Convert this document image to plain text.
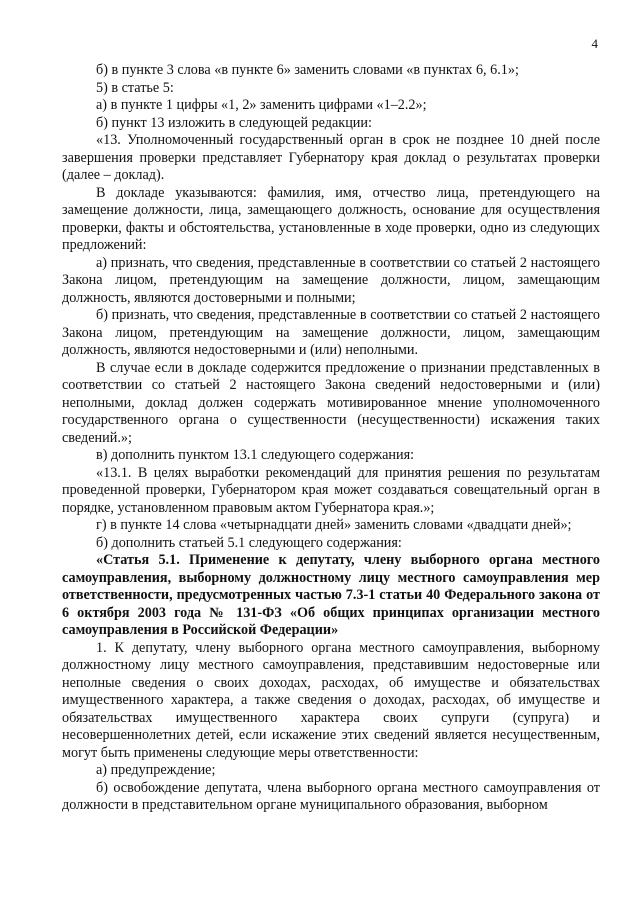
4

б) в пункте 3 слова «в пункте 6» заменить словами «в пунктах 6, 6.1»;

5) в статье 5:

а) в пункте 1 цифры «1, 2» заменить цифрами «1–2.2»;

б) пункт 13 изложить в следующей редакции:

«13. Уполномоченный государственный орган в срок не позднее 10 дней после завершения проверки представляет Губернатору края доклад о результатах проверки (далее – доклад).

В докладе указываются: фамилия, имя, отчество лица, претендующего на замещение должности, лица, замещающего должность, основание для осуществления проверки, факты и обстоятельства, установленные в ходе проверки, одно из следующих предложений:

а) признать, что сведения, представленные в соответствии со статьей 2 настоящего Закона лицом, претендующим на замещение должности, лицом, замещающим должность, являются достоверными и полными;

б) признать, что сведения, представленные в соответствии со статьей 2 настоящего Закона лицом, претендующим на замещение должности, лицом, замещающим должность, являются недостоверными и (или) неполными.

В случае если в докладе содержится предложение о признании представленных в соответствии со статьей 2 настоящего Закона сведений недостоверными и (или) неполными, доклад должен содержать мотивированное мнение уполномоченного государственного органа о существенности (несущественности) искажения таких сведений.»;

в) дополнить пунктом 13.1 следующего содержания:

«13.1. В целях выработки рекомендаций для принятия решения по результатам проведенной проверки, Губернатором края может создаваться совещательный орган в порядке, установленном правовым актом Губернатора края.»;

г) в пункте 14 слова «четырнадцати дней» заменить словами «двадцати дней»;

б) дополнить статьей 5.1 следующего содержания:

«Статья 5.1. Применение к депутату, члену выборного органа местного самоуправления, выборному должностному лицу местного самоуправления мер ответственности, предусмотренных частью 7.3-1 статьи 40 Федерального закона от 6 октября 2003 года № 131-ФЗ «Об общих принципах организации местного самоуправления в Российской Федерации»

1. К депутату, члену выборного органа местного самоуправления, выборному должностному лицу местного самоуправления, представившим недостоверные или неполные сведения о своих доходах, расходах, об имуществе и обязательствах имущественного характера, а также сведения о доходах, расходах, об имуществе и обязательствах имущественного характера своих супруги (супруга) и несовершеннолетних детей, если искажение этих сведений является несущественным, могут быть применены следующие меры ответственности:

а) предупреждение;

б) освобождение депутата, члена выборного органа местного самоуправления от должности в представительном органе муниципального образования, выборном
